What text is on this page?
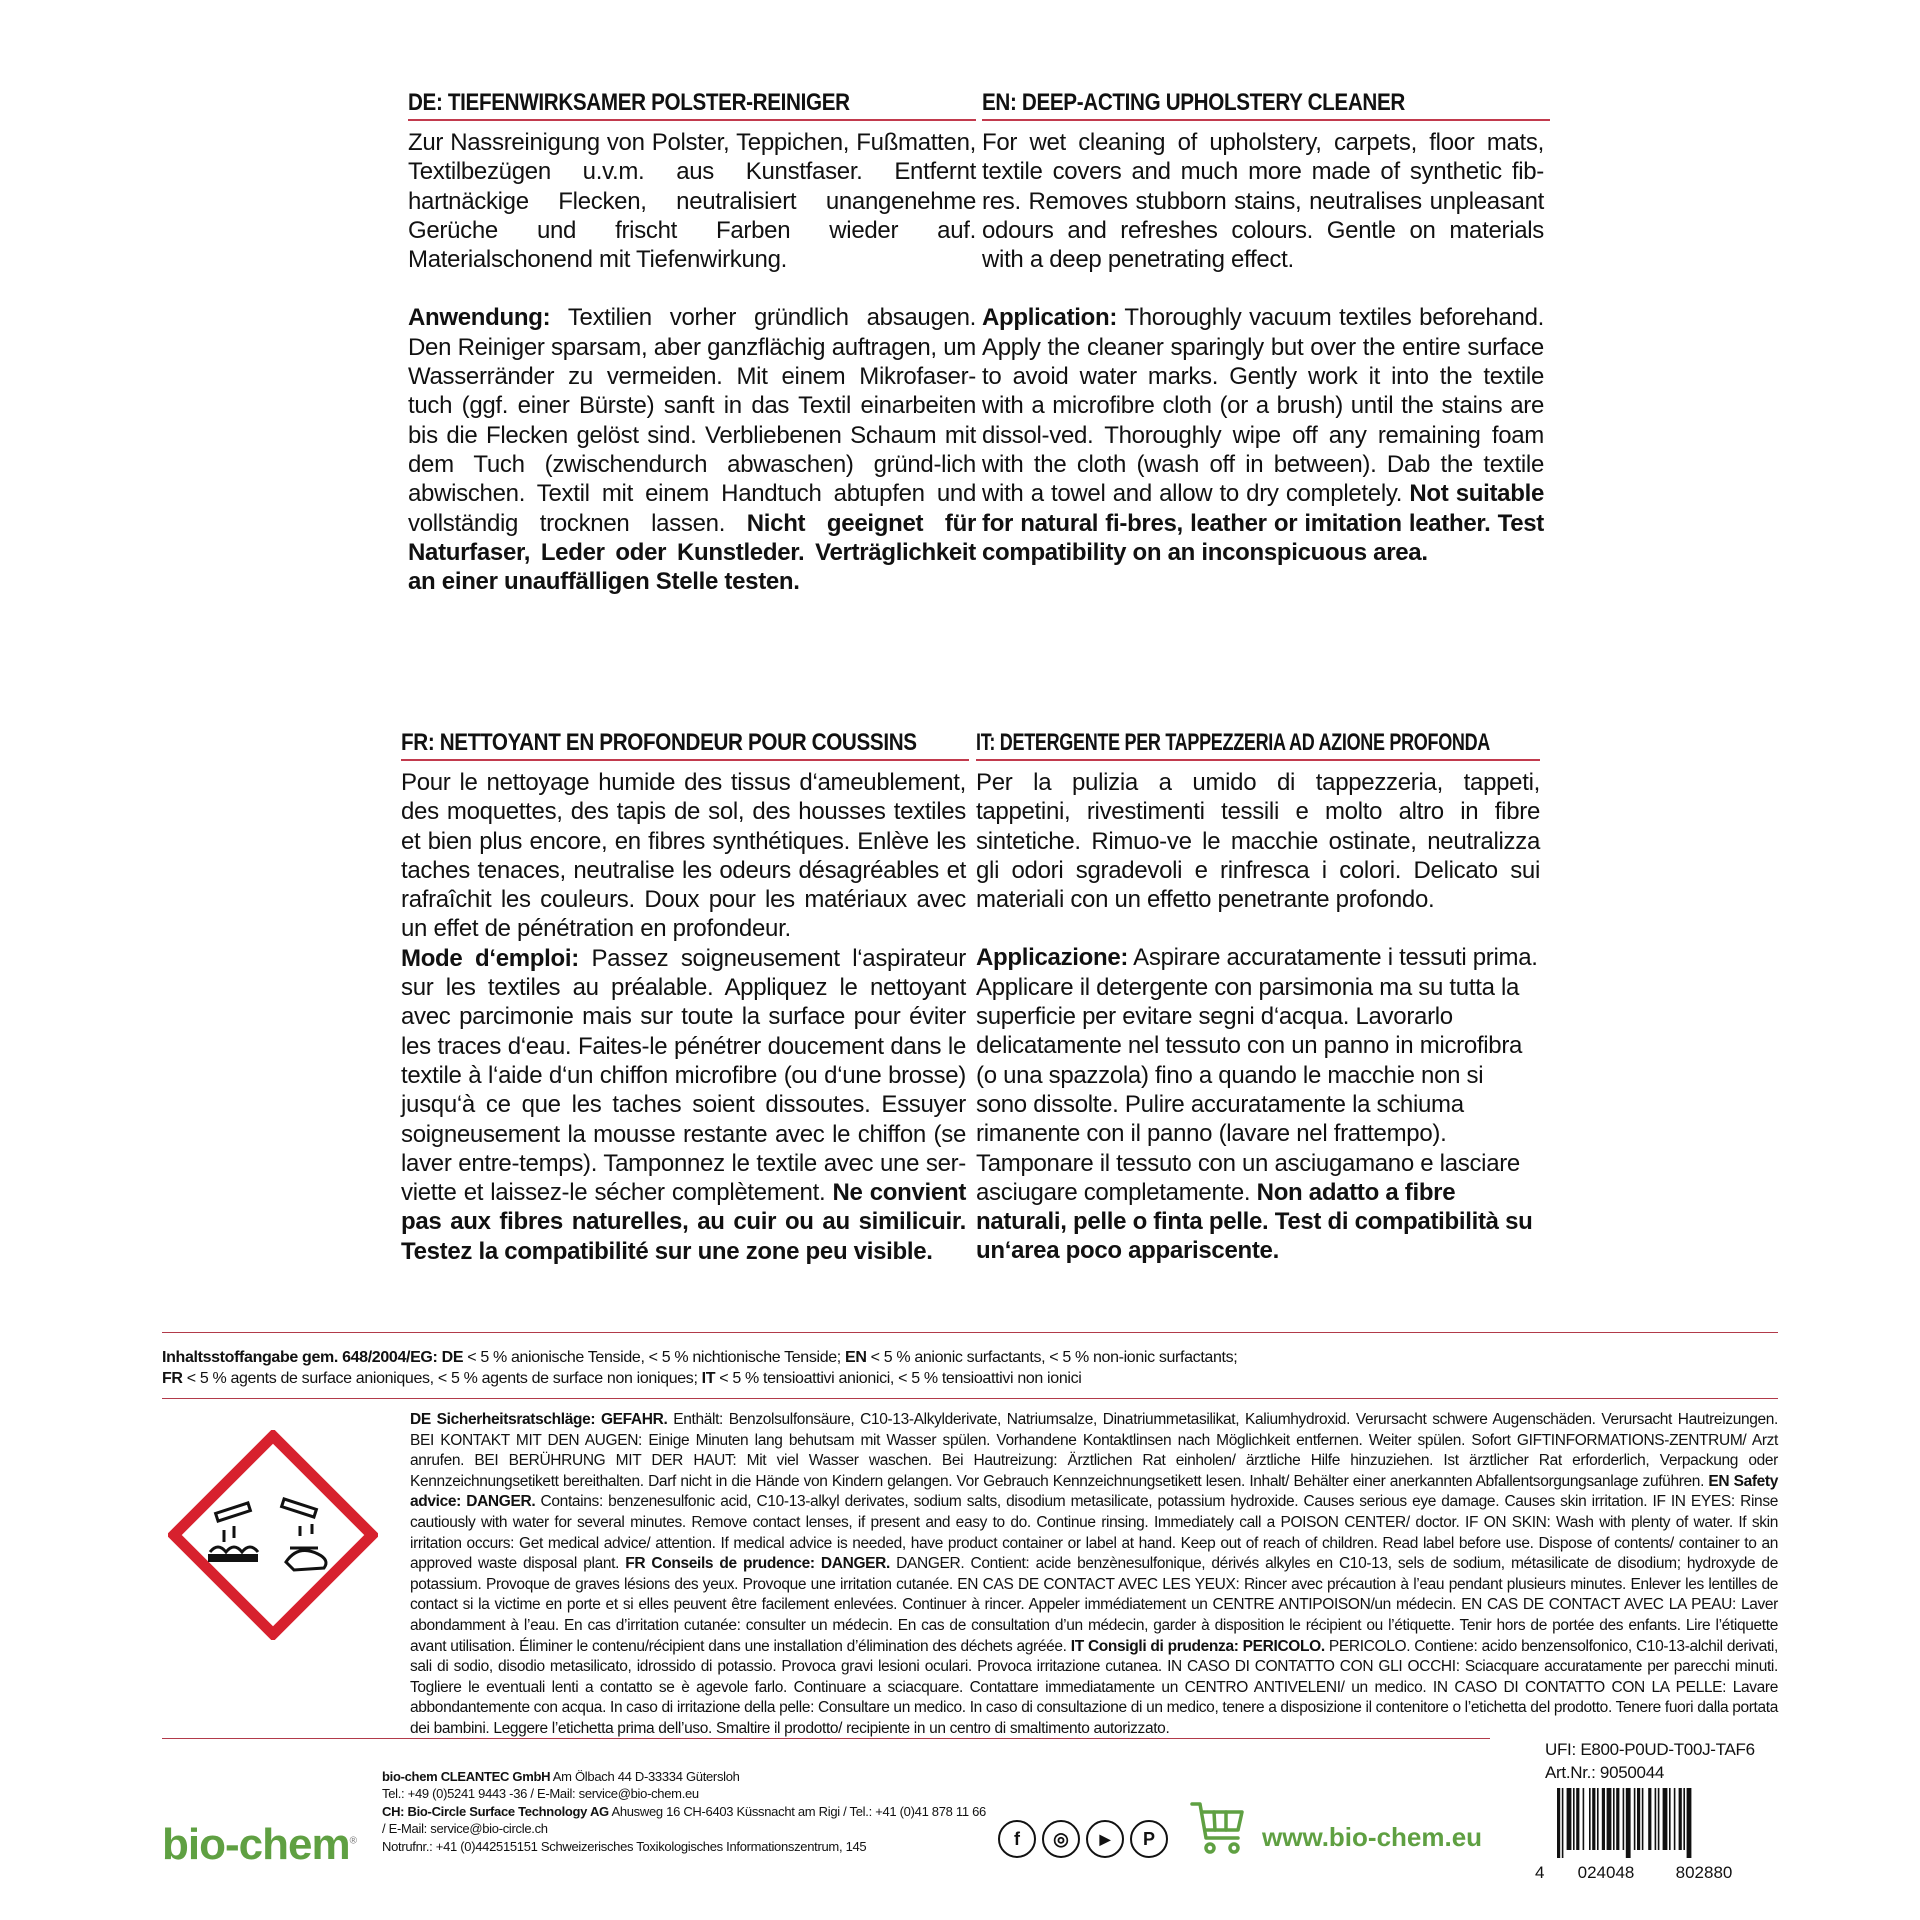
DE: TIEFENWIRKSAMER POLSTER-REINIGER
Zur Nassreinigung von Polster, Teppichen, Fußmatten, Textilbezügen u.v.m. aus Kunstfaser. Entfernt hartnäckige Flecken, neutralisiert unangenehme Gerüche und frischt Farben wieder auf. Materialschonend mit Tiefenwirkung.
Anwendung: Textilien vorher gründlich absaugen. Den Reiniger sparsam, aber ganzflächig auftragen, um Wasserränder zu vermeiden. Mit einem Mikrofaser-tuch (ggf. einer Bürste) sanft in das Textil einarbeiten bis die Flecken gelöst sind. Verbliebenen Schaum mit dem Tuch (zwischendurch abwaschen) gründ-lich abwischen. Textil mit einem Handtuch abtupfen und vollständig trocknen lassen. Nicht geeignet für Naturfaser, Leder oder Kunstleder. Verträglichkeit an einer unauffälligen Stelle testen.
EN: DEEP-ACTING UPHOLSTERY CLEANER
For wet cleaning of upholstery, carpets, floor mats, textile covers and much more made of synthetic fib-res. Removes stubborn stains, neutralises unpleasant odours and refreshes colours. Gentle on materials with a deep penetrating effect.
Application: Thoroughly vacuum textiles beforehand. Apply the cleaner sparingly but over the entire surface to avoid water marks. Gently work it into the textile with a microfibre cloth (or a brush) until the stains are dissol-ved. Thoroughly wipe off any remaining foam with the cloth (wash off in between). Dab the textile with a towel and allow to dry completely. Not suitable for natural fi-bres, leather or imitation leather. Test compatibility on an inconspicuous area.
FR: NETTOYANT EN PROFONDEUR POUR COUSSINS
Pour le nettoyage humide des tissus d‘ameublement, des moquettes, des tapis de sol, des housses textiles et bien plus encore, en fibres synthétiques. Enlève les taches tenaces, neutralise les odeurs désagréables et rafraîchit les couleurs. Doux pour les matériaux avec un effet de pénétration en profondeur.
Mode d‘emploi: Passez soigneusement l‘aspirateur sur les textiles au préalable. Appliquez le nettoyant avec parcimonie mais sur toute la surface pour éviter les traces d‘eau. Faites-le pénétrer doucement dans le textile à l‘aide d‘un chiffon microfibre (ou d‘une brosse) jusqu‘à ce que les taches soient dissoutes. Essuyer soigneusement la mousse restante avec le chiffon (se laver entre-temps). Tamponnez le textile avec une ser-viette et laissez-le sécher complètement. Ne convient pas aux fibres naturelles, au cuir ou au similicuir. Testez la compatibilité sur une zone peu visible.
IT: DETERGENTE PER TAPPEZZERIA AD AZIONE PROFONDA
Per la pulizia a umido di tappezzeria, tappeti, tappetini, rivestimenti tessili e molto altro in fibre sintetiche. Rimuo-ve le macchie ostinate, neutralizza gli odori sgradevoli e rinfresca i colori. Delicato sui materiali con un effetto penetrante profondo.
Applicazione: Aspirare accuratamente i tessuti prima. Applicare il detergente con parsimonia ma su tutta la superficie per evitare segni d‘acqua. Lavorarlo delicatamente nel tessuto con un panno in microfibra (o una spazzola) fino a quando le macchie non si sono dissolte. Pulire accuratamente la schiuma rimanente con il panno (lavare nel frattempo). Tamponare il tessuto con un asciugamano e lasciare asciugare completamente. Non adatto a fibre naturali, pelle o finta pelle. Test di compatibilità su un‘area poco appariscente.
Inhaltsstoffangabe gem. 648/2004/EG: DE < 5 % anionische Tenside, < 5 % nichtionische Tenside; EN < 5 % anionic surfactants, < 5 % non-ionic surfactants;
FR < 5 % agents de surface anioniques, < 5 % agents de surface non ioniques; IT < 5 % tensioattivi anionici, < 5 % tensioattivi non ionici
DE Sicherheitsratschläge: GEFAHR. Enthält: Benzolsulfonsäure, C10-13-Alkylderivate, Natriumsalze, Dinatriummetasilikat, Kaliumhydroxid. Verursacht schwere Augenschäden. Verursacht Hautreizungen. BEI KONTAKT MIT DEN AUGEN: Einige Minuten lang behutsam mit Wasser spülen. Vorhandene Kontaktlinsen nach Möglichkeit entfernen. Weiter spülen. Sofort GIFTINFORMATIONS-ZENTRUM/ Arzt anrufen. BEI BERÜHRUNG MIT DER HAUT: Mit viel Wasser waschen. Bei Hautreizung: Ärztlichen Rat einholen/ ärztliche Hilfe hinzuziehen. Ist ärztlicher Rat erforderlich, Verpackung oder Kennzeichnungsetikett bereithalten. Darf nicht in die Hände von Kindern gelangen. Vor Gebrauch Kennzeichnungsetikett lesen. Inhalt/ Behälter einer anerkannten Abfallentsorgungsanlage zuführen. EN Safety advice: DANGER. Contains: benzenesulfonic acid, C10-13-alkyl derivates, sodium salts, disodium metasilicate, potassium hydroxide. Causes serious eye damage. Causes skin irritation. IF IN EYES: Rinse cautiously with water for several minutes. Remove contact lenses, if present and easy to do. Continue rinsing. Immediately call a POISON CENTER/ doctor. IF ON SKIN: Wash with plenty of water. If skin irritation occurs: Get medical advice/ attention. If medical advice is needed, have product container or label at hand. Keep out of reach of children. Read label before use. Dispose of contents/ container to an approved waste disposal plant. FR Conseils de prudence: DANGER. DANGER. Contient: acide benzènesulfonique, dérivés alkyles en C10-13, sels de sodium, métasilicate de disodium; hydroxyde de potassium. Provoque de graves lésions des yeux. Provoque une irritation cutanée. EN CAS DE CONTACT AVEC LES YEUX: Rincer avec précaution à l’eau pendant plusieurs minutes. Enlever les lentilles de contact si la victime en porte et si elles peuvent être facilement enlevées. Continuer à rincer. Appeler immédiatement un CENTRE ANTIPOISON/un médecin. EN CAS DE CONTACT AVEC LA PEAU: Laver abondamment à l’eau. En cas d’irritation cutanée: consulter un médecin. En cas de consultation d’un médecin, garder à disposition le récipient ou l’étiquette. Tenir hors de portée des enfants. Lire l’étiquette avant utilisation. Éliminer le contenu/récipient dans une installation d’élimination des déchets agréée. IT Consigli di prudenza: PERICOLO. PERICOLO. Contiene: acido benzensolfonico, C10-13-alchil derivati, sali di sodio, disodio metasilicato, idrossido di potassio. Provoca gravi lesioni oculari. Provoca irritazione cutanea. IN CASO DI CONTATTO CON GLI OCCHI: Sciacquare accuratamente per parecchi minuti. Togliere le eventuali lenti a contatto se è agevole farlo. Continuare a sciacquare. Contattare immediatamente un CENTRO ANTIVELENI/ un medico. IN CASO DI CONTATTO CON LA PELLE: Lavare abbondantemente con acqua. In caso di irritazione della pelle: Consultare un medico. In caso di consultazione di un medico, tenere a disposizione il contenitore o l’etichetta del prodotto. Tenere fuori dalla portata dei bambini. Leggere l’etichetta prima dell’uso. Smaltire il prodotto/ recipiente in un centro di smaltimento autorizzato.
bio-chem®
bio-chem CLEANTEC GmbH Am Ölbach 44 D-33334 Gütersloh
Tel.: +49 (0)5241 9443 -36 / E-Mail: service@bio-chem.eu
CH: Bio-Circle Surface Technology AG Ahusweg 16 CH-6403 Küssnacht am Rigi / Tel.: +41 (0)41 878 11 66 / E-Mail: service@bio-circle.ch
Notrufnr.: +41 (0)442515151 Schweizerisches Toxikologisches Informationszentrum, 145	f	◎	▶	P	www.bio-chem.eu
UFI: E800-P0UD-T00J-TAF6
Art.Nr.: 9050044
4	024048	802880
